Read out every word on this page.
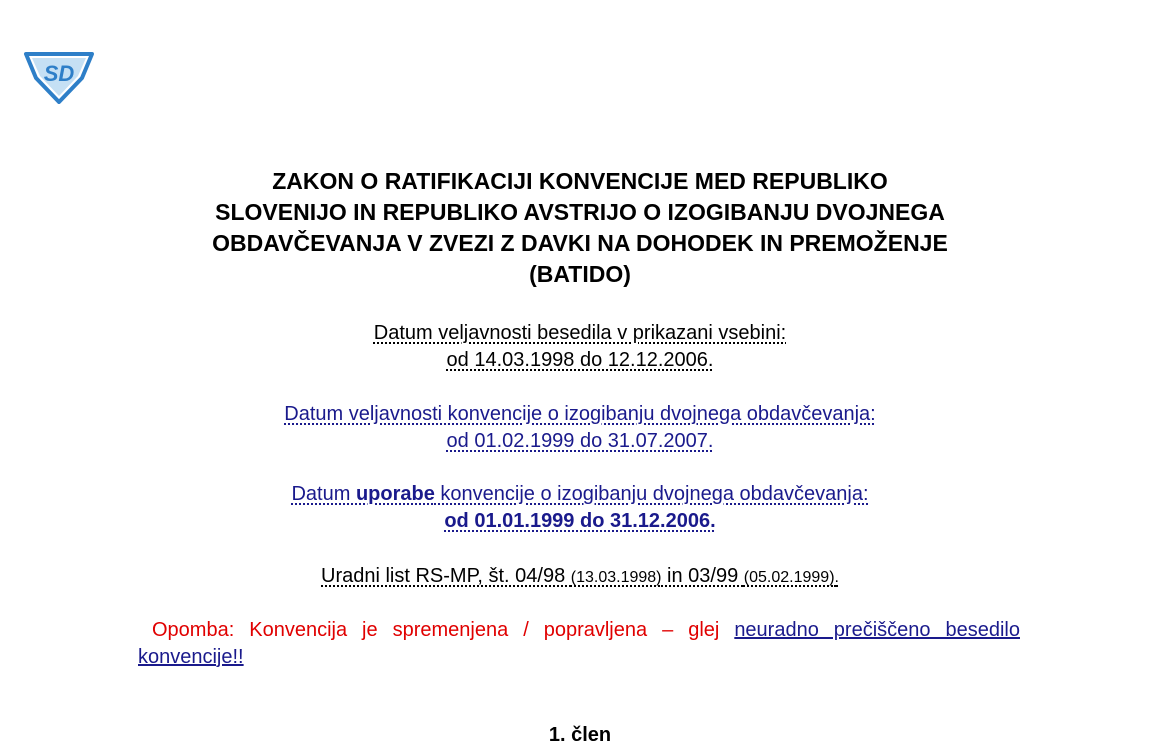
SD
ZAKON O RATIFIKACIJI KONVENCIJE MED REPUBLIKO
SLOVENIJO IN REPUBLIKO AVSTRIJO O IZOGIBANJU DVOJNEGA
OBDAVČEVANJA V ZVEZI Z DAVKI NA DOHODEK IN PREMOŽENJE
(BATIDO)
Datum veljavnosti besedila v prikazani vsebini:
od 14.03.1998 do 12.12.2006.
Datum veljavnosti konvencije o izogibanju dvojnega obdavčevanja:
od 01.02.1999 do 31.07.2007.
Datum uporabe konvencije o izogibanju dvojnega obdavčevanja:
od 01.01.1999 do 31.12.2006.
Uradni list RS-MP, št. 04/98 (13.03.1998) in 03/99 (05.02.1999).
Opomba: Konvencija je spremenjena / popravljena – glej neuradno prečiščeno besedilo konvencije!!
1. člen
